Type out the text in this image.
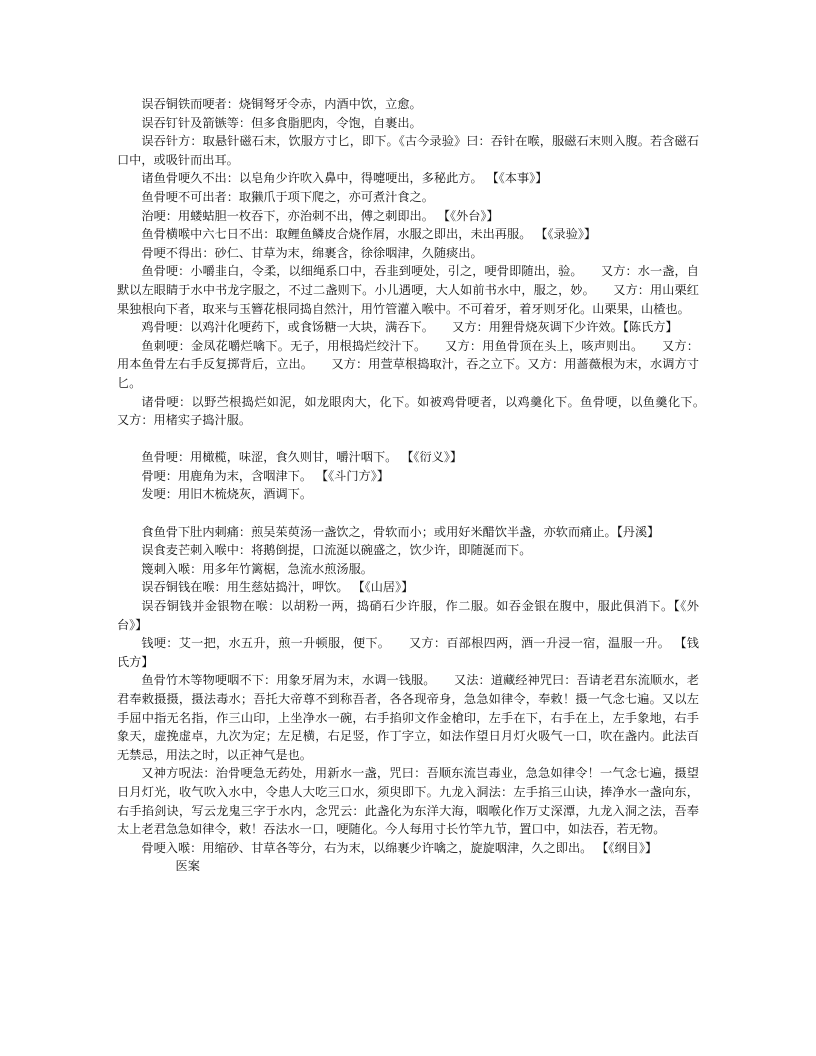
误吞铜铁而哽者：烧铜弩牙令赤，内酒中饮，立愈。

误吞钉针及箭镞等：但多食脂肥肉，令饱，自裹出。

误吞针方：取悬针磁石末，饮服方寸匕，即下。《古今录验》曰：吞针在喉，服磁石末则入腹。若含磁石口中，或吸针而出耳。

诸鱼骨哽久不出：以皂角少许吹入鼻中，得嚏哽出，多秘此方。 【《本事》】

鱼骨哽不可出者：取獭爪于项下爬之，亦可煮汁食之。

治哽：用蝼蛄胆一枚吞下，亦治刺不出，傅之刺即出。 【《外台》】

鱼骨横喉中六七日不出：取鲤鱼鳞皮合烧作屑，水服之即出，未出再服。 【《录验》】

骨哽不得出：砂仁、甘草为末，绵裹含，徐徐咽津，久随痰出。

鱼骨哽：小嚼韭白，令柔，以细绳系口中，吞韭到哽处，引之，哽骨即随出，验。　　又方：水一盏，自默以左眼睛于水中书龙字服之，不过二盏则下。小儿遇哽，大人如前书水中，服之，妙。　　又方：用山栗红果独根向下者，取来与玉簪花根同捣自然汁，用竹管灌入喉中。不可着牙，着牙则牙化。山栗果，山楂也。

鸡骨哽：以鸡汁化哽药下，或食饧糖一大块，满吞下。　　又方：用狸骨烧灰调下少许效。【陈氏方】

鱼刺哽：金凤花嚼烂噙下。无子，用根捣烂绞汁下。　　又方：用鱼骨顶在头上，咳声则出。　　又方：用本鱼骨左右手反复掷背后，立出。　　又方：用萱草根捣取汁，吞之立下。又方：用蔷薇根为末，水调方寸匕。

诸骨哽：以野苎根捣烂如泥，如龙眼肉大，化下。如被鸡骨哽者，以鸡羹化下。鱼骨哽，以鱼羹化下。　　又方：用楮实子捣汁服。

鱼骨哽：用橄榄，味涩，食久则甘，嚼汁咽下。 【《衍义》】

骨哽：用鹿角为末，含咽津下。 【《斗门方》】

发哽：用旧木梳烧灰，酒调下。

食鱼骨下肚内刺痛：煎吴茱萸汤一盏饮之，骨软而小；或用好米醋饮半盏，亦软而痛止。【丹溪】

误食麦芒刺入喉中：将鹅倒提，口流涎以碗盛之，饮少许，即随涎而下。

篾刺入喉：用多年竹篱椐，急流水煎汤服。

误吞铜钱在喉：用生慈姑捣汁，呷饮。 【《山居》】

误吞铜钱并金银物在喉：以胡粉一两，捣硝石少许服，作二服。如吞金银在腹中，服此俱消下。【《外台》】

钱哽：艾一把，水五升，煎一升顿服，便下。　　又方：百部根四两，酒一升浸一宿，温服一升。 【钱氏方】

鱼骨竹木等物哽咽不下：用象牙屑为末，水调一钱服。　　又法：道藏经神咒曰：吾请老君东流顺水，老君奉敕摄摄，摄法毒水；吾托大帝尊不到称吾者，各各现帝身，急急如律令，奉敕！摄一气念七遍。又以左手屈中指无名指，作三山印，上坐净水一碗，右手掐卯文作金槍印，左手在下，右手在上，左手象地，右手象天，虚挽虚卓，九次为定；左足横，右足竖，作丁字立，如法作望日月灯火吸气一口，吹在盏内。此法百无禁忌，用法之时，以正神气是也。

又神方呪法：治骨哽急无药处，用新水一盏，咒曰：吾顺东流岂毒业，急急如律令！一气念七遍，摄望日月灯光，收气吹入水中，令患人大吃三口水，须臾即下。九龙入洞法：左手掐三山诀，捧净水一盏向东，右手掐剑诀，写云龙鬼三字于水内，念咒云：此盏化为东洋大海，咽喉化作万丈深潭，九龙入洞之法，吾奉太上老君急急如律令，敕！吞法水一口，哽随化。今人每用寸长竹竿九节，置口中，如法吞，若无物。

骨哽入喉：用缩砂、甘草各等分，右为末，以绵裹少许噙之，旋旋咽津，久之即出。 【《纲目》】

医案
